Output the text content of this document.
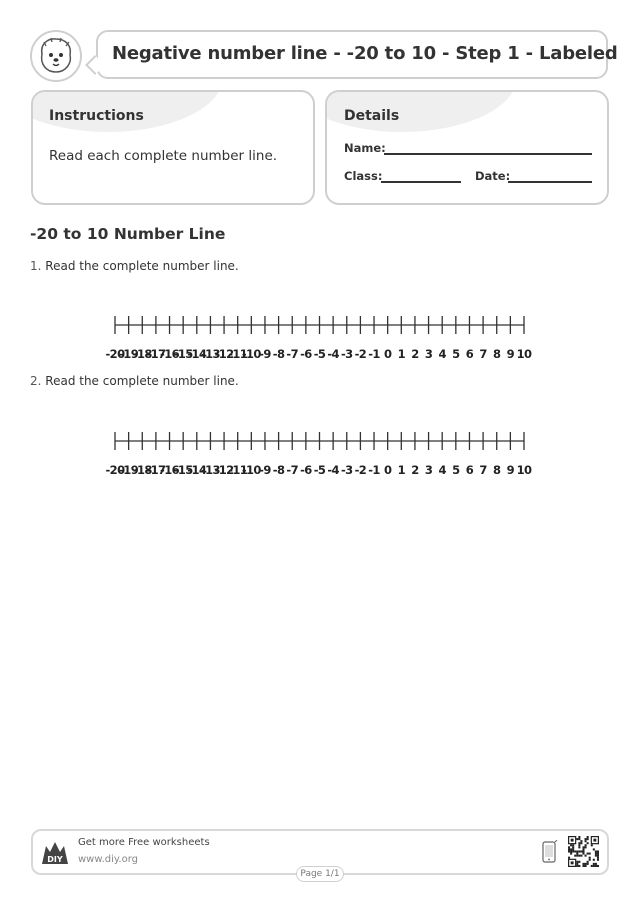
Negative number line - -20 to 10 - Step 1 - Labeled
Instructions
Read each complete number line.
Details
Name:
Class:	Date:
-20 to 10 Number Line
1. Read the complete number line.
-20
-19
-18
-17
-16
-15
-14
-13
-12
-11
-10
-9 -8 -7 -6 -5 -4 -3 -2 -1 0 1 2 3 4 5 6 7 8 9 10
2. Read the complete number line.
-20
-19
-18
-17
-16
-15
-14
-13
-12
-11
-10
-9 -8 -7 -6 -5 -4 -3 -2 -1 0 1 2 3 4 5 6 7 8 9 10
DIY
Get more Free worksheets
www.diy.org
Page 1/1
